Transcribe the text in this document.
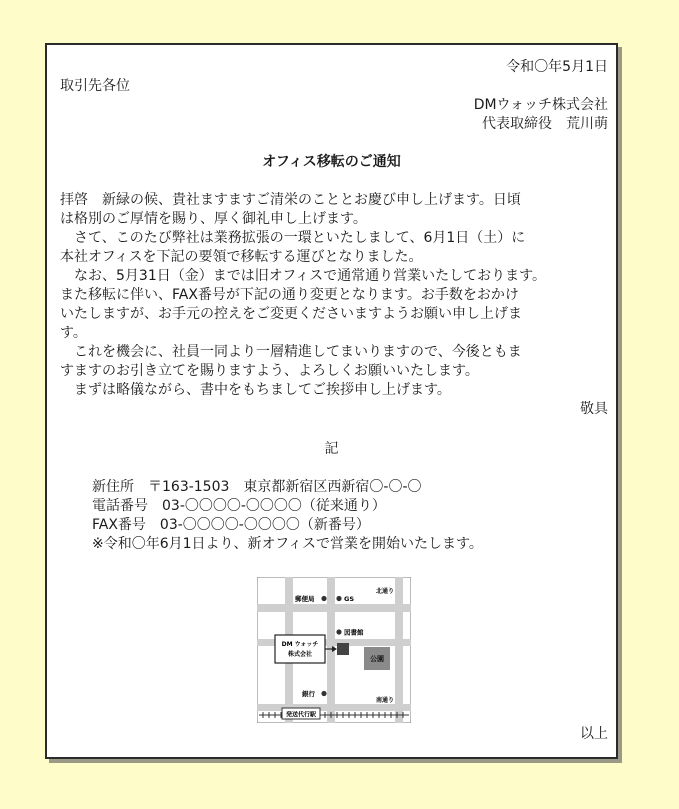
令和〇年5月1日
取引先各位
DMウォッチ株式会社
代表取締役　荒川萌
オフィス移転のご通知
拝啓　新緑の候、貴社ますますご清栄のこととお慶び申し上げます。日頃
は格別のご厚情を賜り、厚く御礼申し上げます。
　さて、このたび弊社は業務拡張の一環といたしまして、6月1日（土）に
本社オフィスを下記の要領で移転する運びとなりました。
　なお、5月31日（金）までは旧オフィスで通常通り営業いたしております。
また移転に伴い、FAX番号が下記の通り変更となります。お手数をおかけ
いたしますが、お手元の控えをご変更くださいますようお願い申し上げま
す。
　これを機会に、社員一同より一層精進してまいりますので、今後ともま
すますのお引き立てを賜りますよう、よろしくお願いいたします。
　まずは略儀ながら、書中をもちましてご挨拶申し上げます。
敬具
記
新住所　〒163-1503　東京都新宿区西新宿〇-〇-〇
電話番号　03-〇〇〇〇-〇〇〇〇（従来通り）
FAX番号　03-〇〇〇〇-〇〇〇〇（新番号）
※令和〇年6月1日より、新オフィスで営業を開始いたします。
発送代行駅
北通り
郵便局	GS
図書館
DM ウォッチ
株式会社
公園
銀行
南通り
以上
